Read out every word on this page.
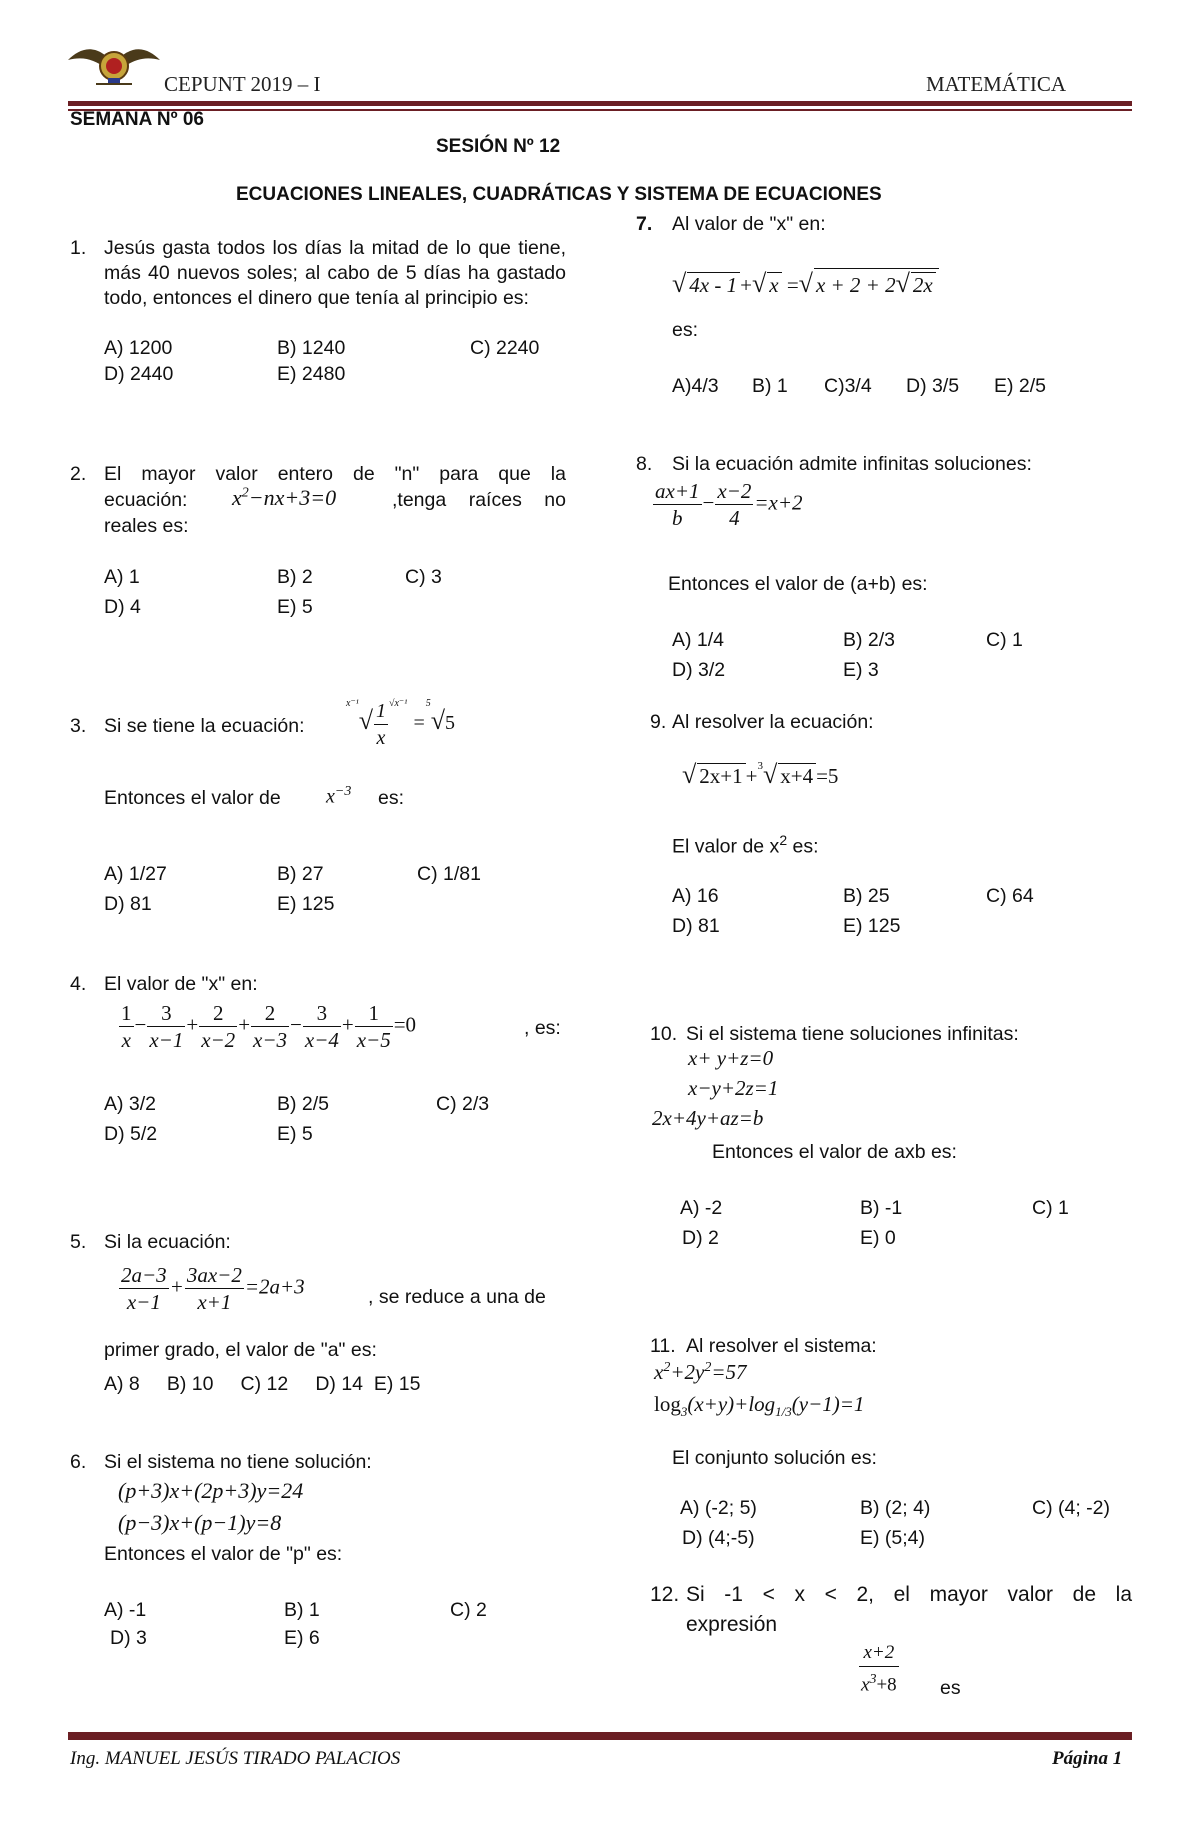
CEPUNT 2019 – I	MATEMÁTICA
SEMANA Nº 06
SESIÓN Nº 12
ECUACIONES LINEALES, CUADRÁTICAS Y SISTEMA DE ECUACIONES
1. Jesús gasta todos los días la mitad de lo que tiene, más 40 nuevos soles; al cabo de 5 días ha gastado todo, entonces el dinero que tenía al principio es:
A) 1200	B) 1240	C) 2240
D) 2440	E) 2480
2. El mayor valor entero de "n" para que la
ecuación: $x^2-nx+3=0$	,tenga raíces no
reales es:
A) 1	B) 2	C) 3
D) 4	E) 5
3. Si se tiene la ecuación:
$^{x^{-1}}√ \frac{1}{x} ^{√x^{-1}} =^5√5$
Entonces el valor de $x^{-3}$ es:
A) 1/27	B) 27	C) 1/81
D) 81	E) 125
4. El valor de "x" en:
$\frac{1}{x} - \frac{3}{x-1} + \frac{2}{x-2} + \frac{2}{x-3} - \frac{3}{x-4} + \frac{1}{x-5} =0$	, es:
A) 3/2	B) 2/5	C) 2/3
D) 5/2	E) 5
5. Si la ecuación:
$\frac{2a-3}{x-1} + \frac{3ax-2}{x+1} =2a+3$	, se reduce a una de
primer grado, el valor de "a" es:
A) 8     B) 10     C) 12     D) 14  E) 15
6. Si el sistema no tiene solución:
(p+3)x+(2p+3)y=24
(p−3)x+(p−1)y=8
Entonces el valor de "p" es:
A) -1	B) 1	C) 2
D) 3	E) 6
7. Al valor de "x" en:
√ 4x - 1 +√ x =√ x + 2 + 2√ 2x
es:
A)4/3 B) 1 C)3/4 D) 3/5 E) 2/5
8. Si la ecuación admite infinitas soluciones:
$\frac{ax+1}{b} - \frac{x-2}{4} =x+2$
Entonces el valor de (a+b) es:
A) 1/4	B) 2/3	C) 1
D) 3/2	E) 3
9. Al resolver la ecuación:
√ 2x+1 +$^3$√ x+4 =5
El valor de $x^2$ es:
A) 16	B) 25	C) 64
D) 81	E) 125
10. Si el sistema tiene soluciones infinitas:
x+ y+z=0
x−y+2z=1
2x+4y+az=b
Entonces el valor de axb es:
A) -2	B) -1	C) 1
D) 2	E) 0
11. Al resolver el sistema:
$x^2+2y^2=57$
$\log_3(x+y)+\log_{1/3}(y-1)=1$
El conjunto solución es:
A) (-2; 5)	B) (2; 4)	C) (4; -2)
D) (4;-5)	E) (5;4)
12. Si -1 < x < 2, el mayor valor de la
expresión
$\frac{x+2}{x^3+8}$ es
Ing. MANUEL JESÚS TIRADO PALACIOS	Página 1
